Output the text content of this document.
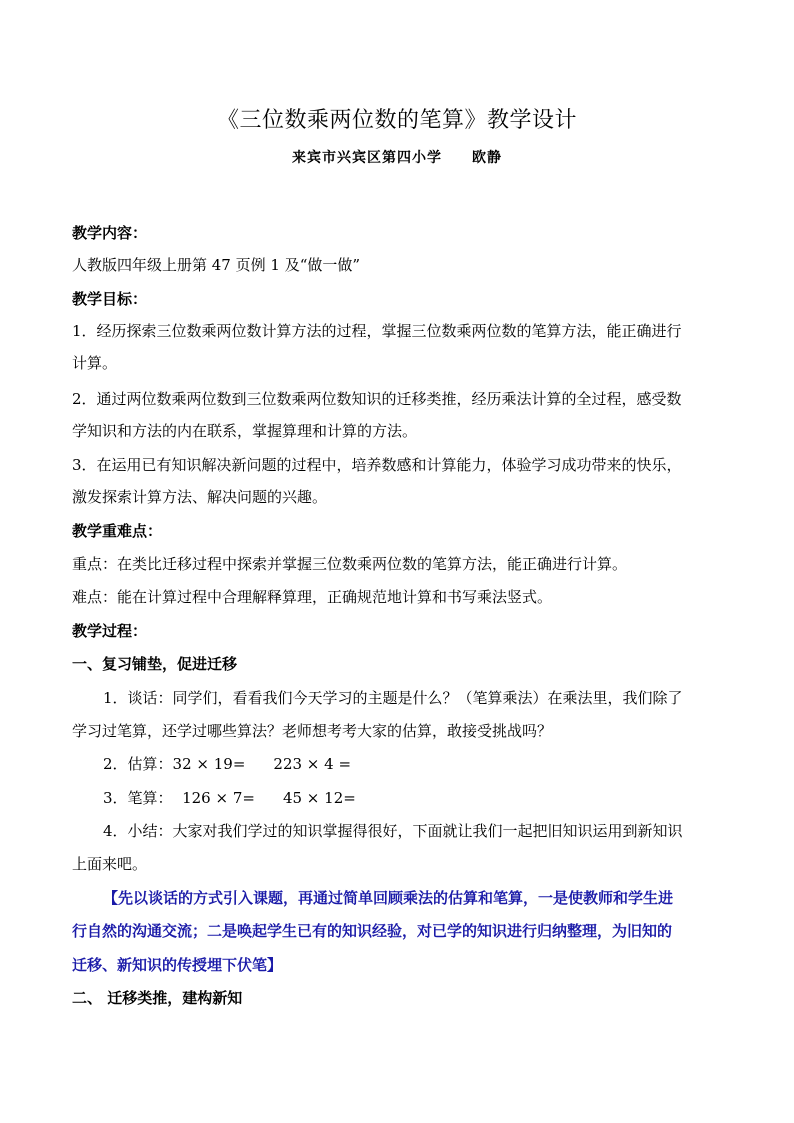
《三位数乘两位数的笔算》教学设计
来宾市兴宾区第四小学 欧静
教学内容：
人教版四年级上册第 47 页例 1 及“做一做”
教学目标：
1．经历探索三位数乘两位数计算方法的过程，掌握三位数乘两位数的笔算方法，能正确进行
计算。
2．通过两位数乘两位数到三位数乘两位数知识的迁移类推，经历乘法计算的全过程，感受数
学知识和方法的内在联系，掌握算理和计算的方法。
3．在运用已有知识解决新问题的过程中，培养数感和计算能力，体验学习成功带来的快乐，
激发探索计算方法、解决问题的兴趣。
教学重难点：
重点：在类比迁移过程中探索并掌握三位数乘两位数的笔算方法，能正确进行计算。
难点：能在计算过程中合理解释算理，正确规范地计算和书写乘法竖式。
教学过程：
一、复习铺垫，促进迁移
1．谈话：同学们，看看我们今天学习的主题是什么？（笔算乘法）在乘法里，我们除了
学习过笔算，还学过哪些算法？老师想考考大家的估算，敢接受挑战吗？
2．估算：32 × 19= 223 × 4 =
3．笔算： 126 × 7= 45 × 12=
4．小结：大家对我们学过的知识掌握得很好，下面就让我们一起把旧知识运用到新知识
上面来吧。
【先以谈话的方式引入课题，再通过简单回顾乘法的估算和笔算，一是使教师和学生进
行自然的沟通交流；二是唤起学生已有的知识经验，对已学的知识进行归纳整理，为旧知的
迁移、新知识的传授埋下伏笔】
二、 迁移类推，建构新知
